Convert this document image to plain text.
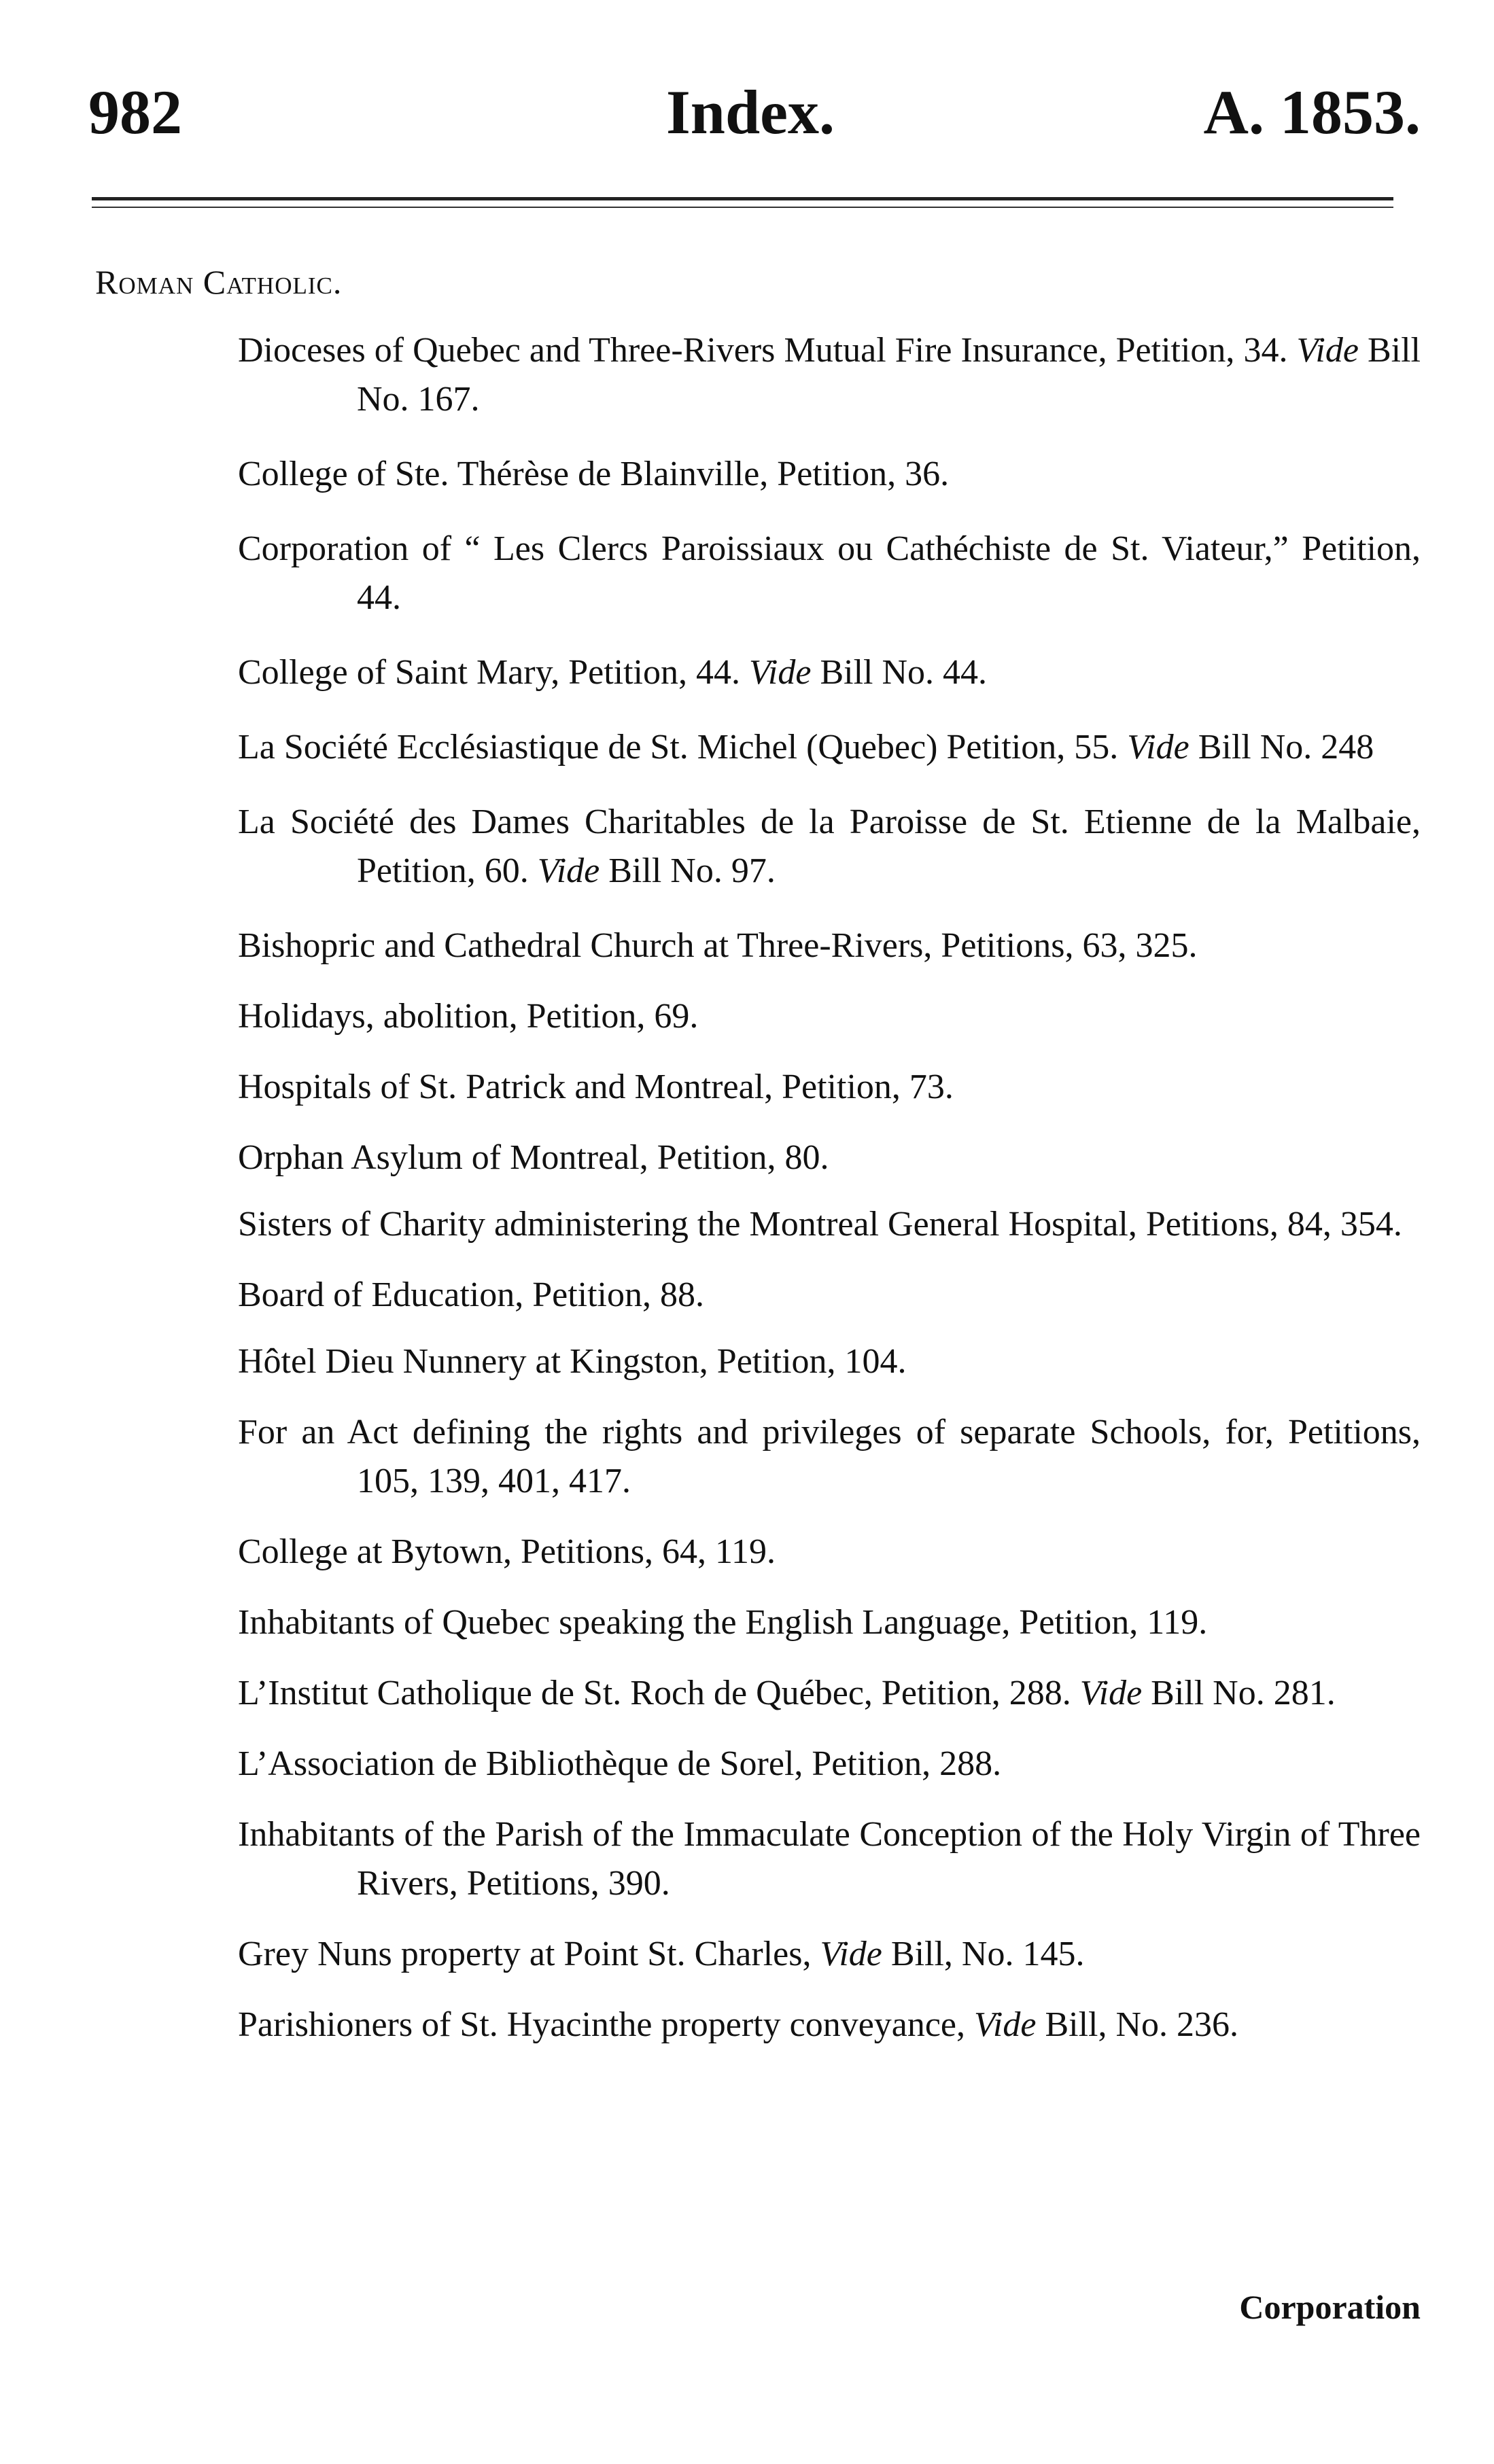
982	Index.	A. 1853.
Roman Catholic.

Dioceses of Quebec and Three-Rivers Mutual Fire Insurance, Petition, 34. Vide Bill No. 167.

College of Ste. Thérèse de Blainville, Petition, 36.

Corporation of “ Les Clercs Paroissiaux ou Cathéchiste de St. Viateur,” Petition, 44.

College of Saint Mary, Petition, 44. Vide Bill No. 44.

La Société Ecclésiastique de St. Michel (Quebec) Petition, 55. Vide Bill No. 248

La Société des Dames Charitables de la Paroisse de St. Etienne de la Malbaie, Petition, 60. Vide Bill No. 97.

Bishopric and Cathedral Church at Three-Rivers, Petitions, 63, 325.

Holidays, abolition, Petition, 69.

Hospitals of St. Patrick and Montreal, Petition, 73.

Orphan Asylum of Montreal, Petition, 80.

Sisters of Charity administering the Montreal General Hospital, Petitions, 84, 354.

Board of Education, Petition, 88.

Hôtel Dieu Nunnery at Kingston, Petition, 104.

For an Act defining the rights and privileges of separate Schools, for, Petitions, 105, 139, 401, 417.

College at Bytown, Petitions, 64, 119.

Inhabitants of Quebec speaking the English Language, Petition, 119.

L’Institut Catholique de St. Roch de Québec, Petition, 288. Vide Bill No. 281.

L’Association de Bibliothèque de Sorel, Petition, 288.

Inhabitants of the Parish of the Immaculate Conception of the Holy Virgin of Three Rivers, Petitions, 390.

Grey Nuns property at Point St. Charles, Vide Bill, No. 145.

Parishioners of St. Hyacinthe property conveyance, Vide Bill, No. 236.

Corporation
